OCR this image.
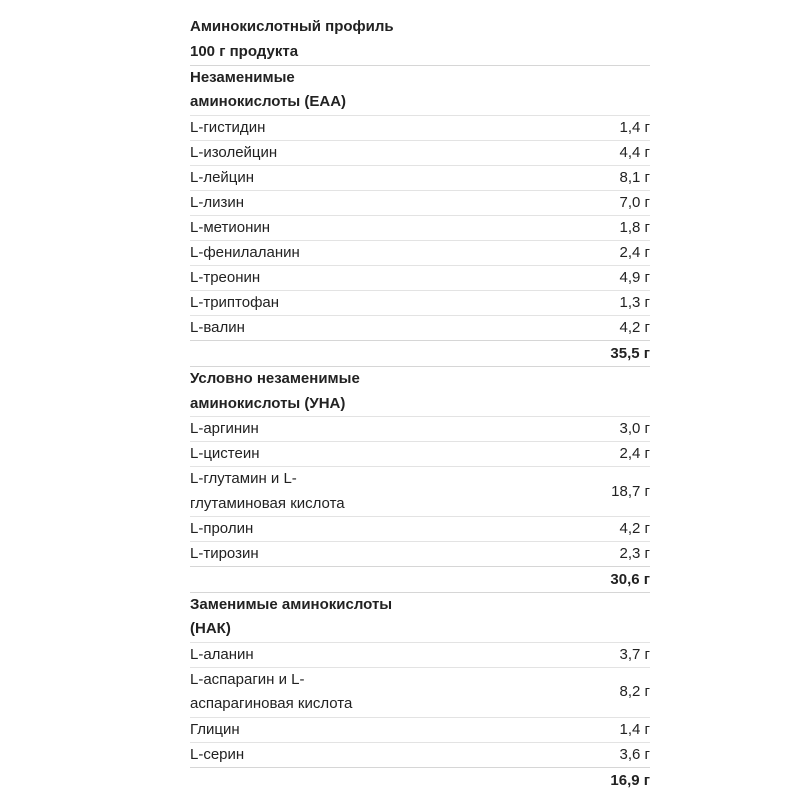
Аминокислотный профиль
100 г продукта
Незаменимые
аминокислоты (EAA)
L-гистидин	1,4 г
L-изолейцин	4,4 г
L-лейцин	8,1 г
L-лизин	7,0 г
L-метионин	1,8 г
L-фенилаланин	2,4 г
L-треонин	4,9 г
L-триптофан	1,3 г
L-валин	4,2 г
35,5 г
Условно незаменимые
аминокислоты (УНА)
L-аргинин	3,0 г
L-цистеин	2,4 г
L-глутамин и L-
глутаминовая кислота
18,7 г
L-пролин	4,2 г
L-тирозин	2,3 г
30,6 г
Заменимые аминокислоты
(НАК)
L-аланин	3,7 г
L-аспарагин и L-
аспарагиновая кислота
8,2 г
Глицин	1,4 г
L-серин	3,6 г
16,9 г
